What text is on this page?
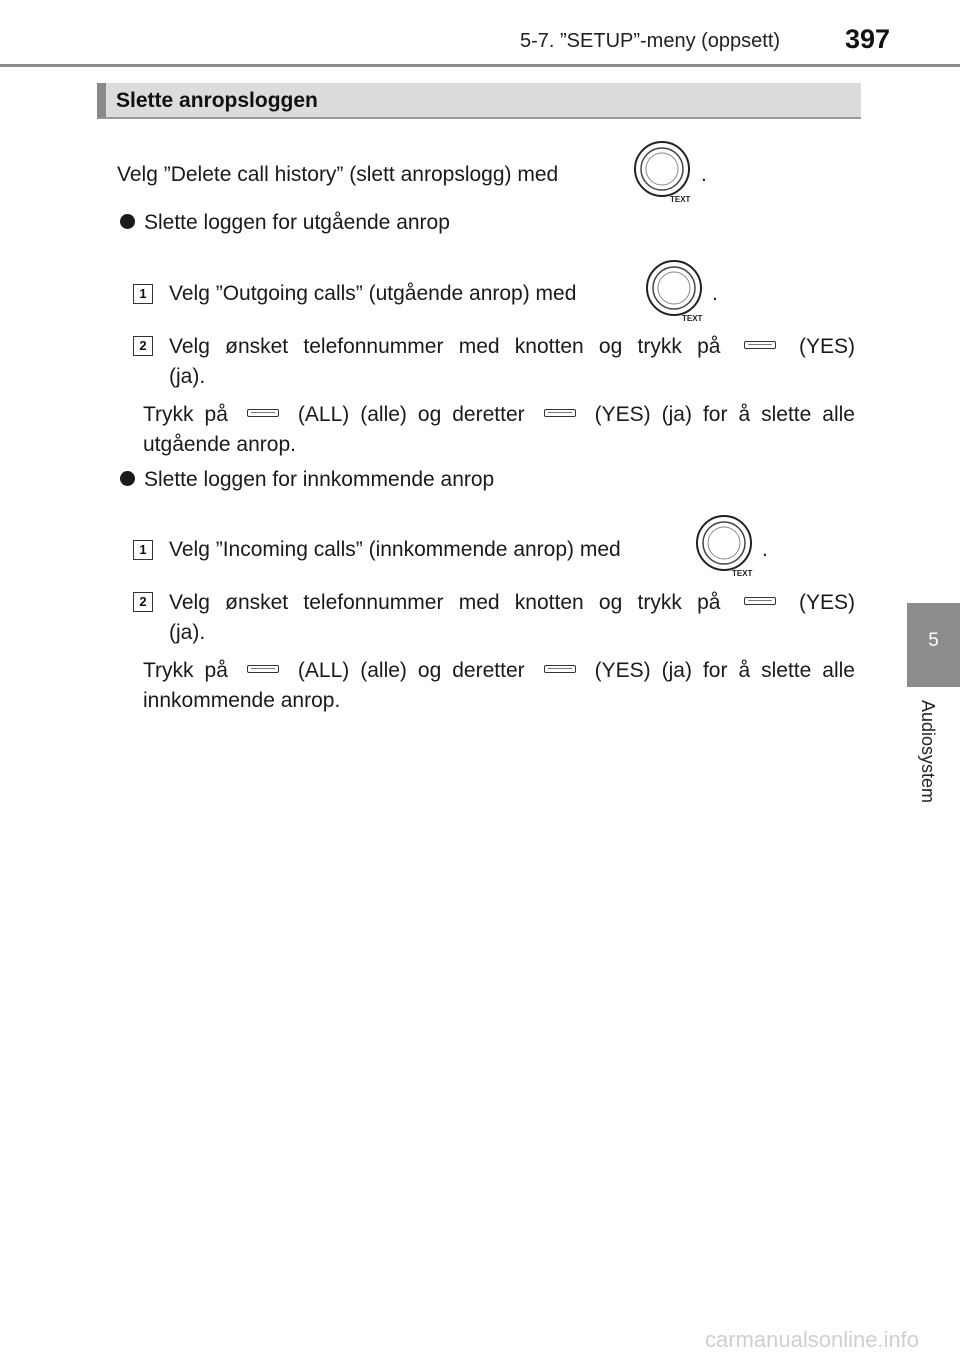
5-7. ”SETUP”-meny (oppsett) 397
Slette anropsloggen
Velg ”Delete call history” (slett anropslogg) med
TEXT
.
Slette loggen for utgående anrop
1	Velg ”Outgoing calls” (utgående anrop) med
TEXT
.
2	Velg ønsket telefonnummer med knotten og trykk på	(YES)
(ja).
Trykk på	(ALL) (alle) og deretter	(YES) (ja) for å slette alle
utgående anrop.
Slette loggen for innkommende anrop
1	Velg ”Incoming calls” (innkommende anrop) med
TEXT
.
2	Velg ønsket telefonnummer med knotten og trykk på	(YES)
(ja).
Trykk på	(ALL) (alle) og deretter	(YES) (ja) for å slette alle
innkommende anrop.
5
Audiosystem
carmanualsonline.info
